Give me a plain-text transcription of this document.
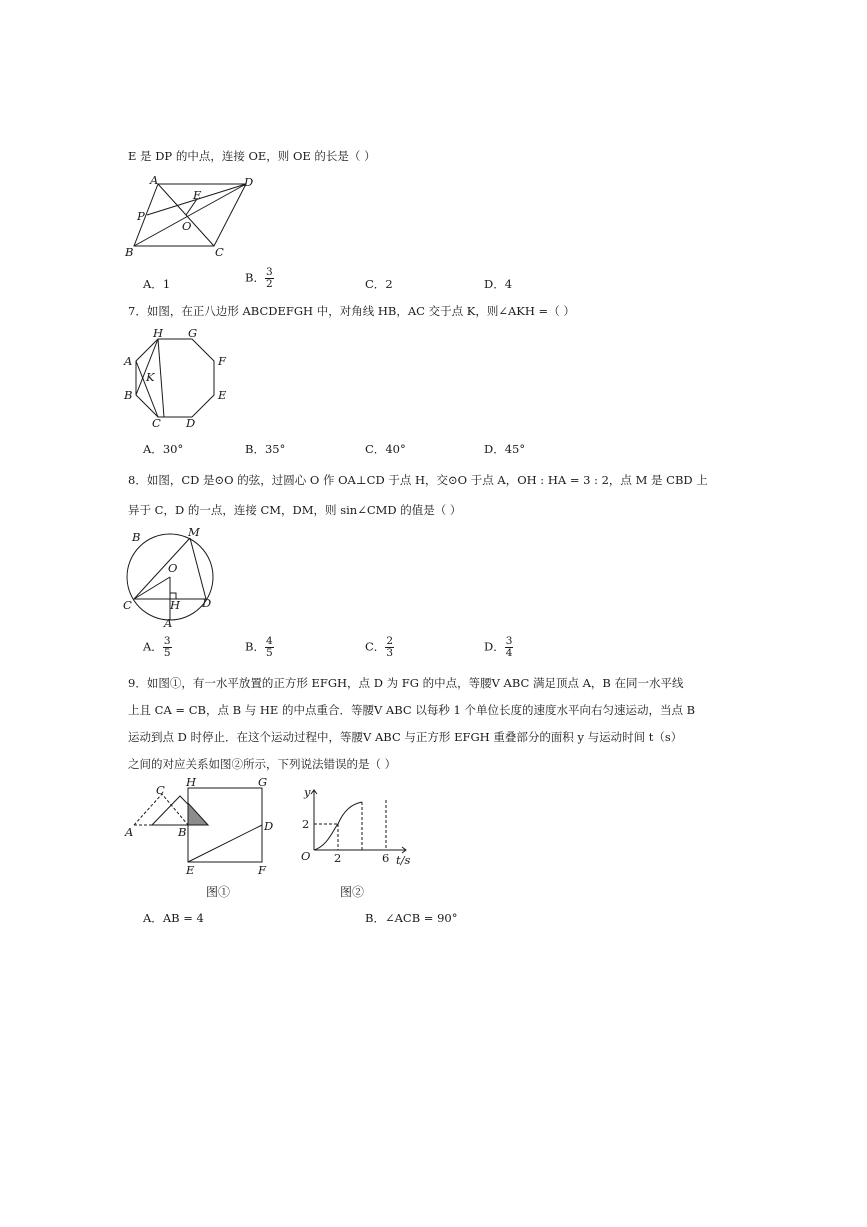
E 是 DP 的中点，连接 OE，则 OE 的长是（ ）
A	D
E
P
O
B	C
A．1	B． $\frac{3}{2}$	C．2	D．4
7．如图，在正八边形 ABCDEFGH 中，对角线 HB，AC 交于点 K，则∠AKH =（ ）
H G
A	F
K
B	E
C D
A．30°	B．35°	C．40°	D．45°
8．如图，CD 是⊙O 的弦，过圆心 O 作 OA⊥CD 于点 H，交⊙O 于点 A，OH : HA = 3 : 2，点 M 是 CBD 上
异于 C，D 的一点，连接 CM，DM，则 sin∠CMD 的值是（ ）
B	M
O
C	H D
A
A． $\frac{3}{5}$	B． $\frac{4}{5}$	C． $\frac{2}{3}$	D． $\frac{3}{4}$
9．如图①，有一水平放置的正方形 EFGH，点 D 为 FG 的中点，等腰V ABC 满足顶点 A，B 在同一水平线
上且 CA = CB，点 B 与 HE 的中点重合．等腰V ABC 以每秒 1 个单位长度的速度水平向右匀速运动，当点 B
运动到点 D 时停止．在这个运动过程中，等腰V ABC 与正方形 EFGH 重叠部分的面积 y 与运动时间 t（s）
之间的对应关系如图②所示，下列说法错误的是（ ）
C
H	G
A	B	D
E	F
图①
y
2
O 2	6 t/s
图②
A．AB = 4	B．∠ACB = 90°
